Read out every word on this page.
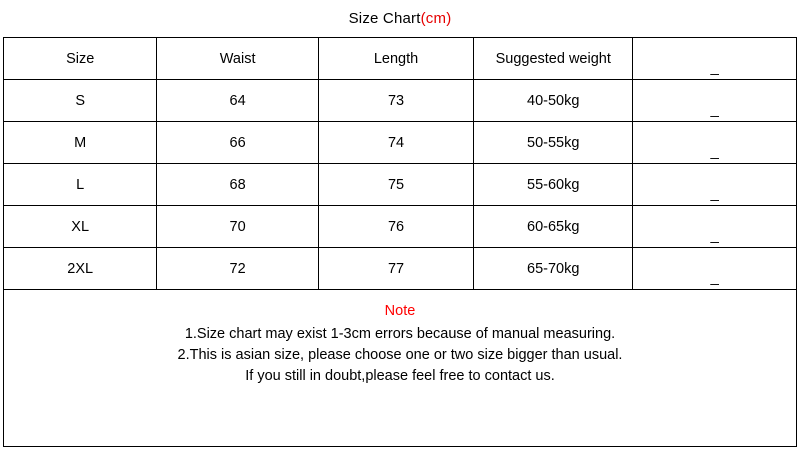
Size Chart(cm)
Size	Waist	Length	Suggested weight	_
S	64	73	40-50kg	_
M	66	74	50-55kg	_
L	68	75	55-60kg	_
XL	70	76	60-65kg	_
2XL	72	77	65-70kg	_
Note
1.Size chart may exist 1-3cm errors because of manual measuring.
2.This is asian size, please choose one or two size bigger than usual.
If you still in doubt,please feel free to contact us.
